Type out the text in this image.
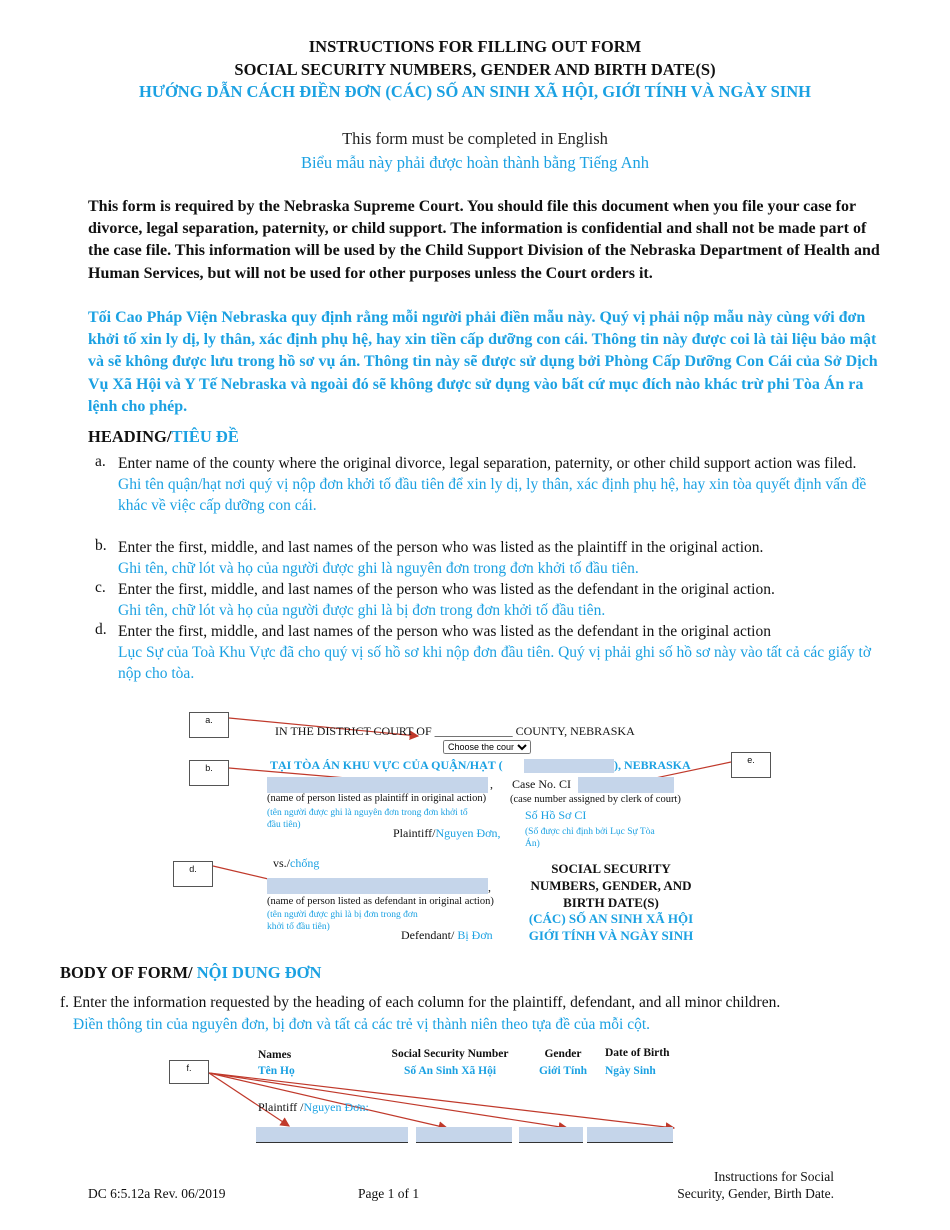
INSTRUCTIONS FOR FILLING OUT FORM
SOCIAL SECURITY NUMBERS, GENDER AND BIRTH DATE(S)
HƯỚNG DẪN CÁCH ĐIỀN ĐƠN (CÁC) SỐ AN SINH XÃ HỘI, GIỚI TÍNH VÀ NGÀY SINH
This form must be completed in English
Biểu mẫu này phải được hoàn thành bằng Tiếng Anh

This form is required by the Nebraska Supreme Court. You should file this document when you file your case for divorce, legal separation, paternity, or child support. The information is confidential and shall not be made part of the case file. This information will be used by the Child Support Division of the Nebraska Department of Health and Human Services, but will not be used for other purposes unless the Court orders it.

Tối Cao Pháp Viện Nebraska quy định rằng mỗi người phải điền mẫu này. Quý vị phải nộp mẫu này cùng với đơn khởi tố xin ly dị, ly thân, xác định phụ hệ, hay xin tiền cấp dưỡng con cái. Thông tin này được coi là tài liệu bảo mật và sẽ không được lưu trong hồ sơ vụ án. Thông tin này sẽ được sử dụng bởi Phòng Cấp Dưỡng Con Cái của Sở Dịch Vụ Xã Hội và Y Tế Nebraska và ngoài đó sẽ không được sử dụng vào bất cứ mục đích nào khác trừ phi Tòa Án ra lệnh cho phép.

HEADING/TIÊU ĐỀ
a. Enter name of the county where the original divorce, legal separation, paternity, or other child support action was filed.

Ghi tên quận/hạt nơi quý vị nộp đơn khởi tố đầu tiên để xin ly dị, ly thân, xác định phụ hệ, hay xin tòa quyết định vấn đề khác về việc cấp dưỡng con cái.

b. Enter the first, middle, and last names of the person who was listed as the plaintiff in the original action.

Ghi tên, chữ lót và họ của người được ghi là nguyên đơn trong đơn khởi tố đầu tiên.

c. Enter the first, middle, and last names of the person who was listed as the defendant in the original action.

Ghi tên, chữ lót và họ của người được ghi là bị đơn trong đơn khởi tố đầu tiên.

d. Enter the first, middle, and last names of the person who was listed as the defendant in the original action

Lục Sự của Toà Khu Vực đã cho quý vị số hồ sơ khi nộp đơn đầu tiên. Quý vị phải ghi số hồ sơ này vào tất cả các giấy tờ nộp cho tòa.

a.
b.
e.
d.
IN THE DISTRICT COURT OF _____________ COUNTY, NEBRASKA
Choose the county
TẠI TÒA ÁN KHU VỰC CỦA QUẬN/HẠT (	), NEBRASKA
, Case No. CI
(name of person listed as plaintiff in original action) (case number assigned by clerk of court)
(tên người được ghi là nguyên đơn trong đơn khởi tố đầu tiên)
Số Hồ Sơ CI
(Số được chỉ định bởi Lục Sự Tòa Án)
Plaintiff/Nguyen Đơn,
vs./chống
,
(name of person listed as defendant in original action)
(tên người được ghi là bị đơn trong đơn khởi tố đầu tiên)
Defendant/ Bị Đơn
SOCIAL SECURITY NUMBERS, GENDER, AND BIRTH DATE(S)
(CÁC) SỐ AN SINH XÃ HỘI GIỚI TÍNH VÀ NGÀY SINH
BODY OF FORM/ NỘI DUNG ĐƠN
f. Enter the information requested by the heading of each column for the plaintiff, defendant, and all minor children.
Điền thông tin của nguyên đơn, bị đơn và tất cả các trẻ vị thành niên theo tựa đề của mỗi cột.
f.
Names
Tên Họ
Social Security Number
Số An Sinh Xã Hội
Gender
Giới Tính
Date of Birth
Ngày Sinh
Plaintiff /Nguyen Đơn:
DC 6:5.12a Rev. 06/2019	Page 1 of 1
Instructions for Social
Security, Gender, Birth Date.
